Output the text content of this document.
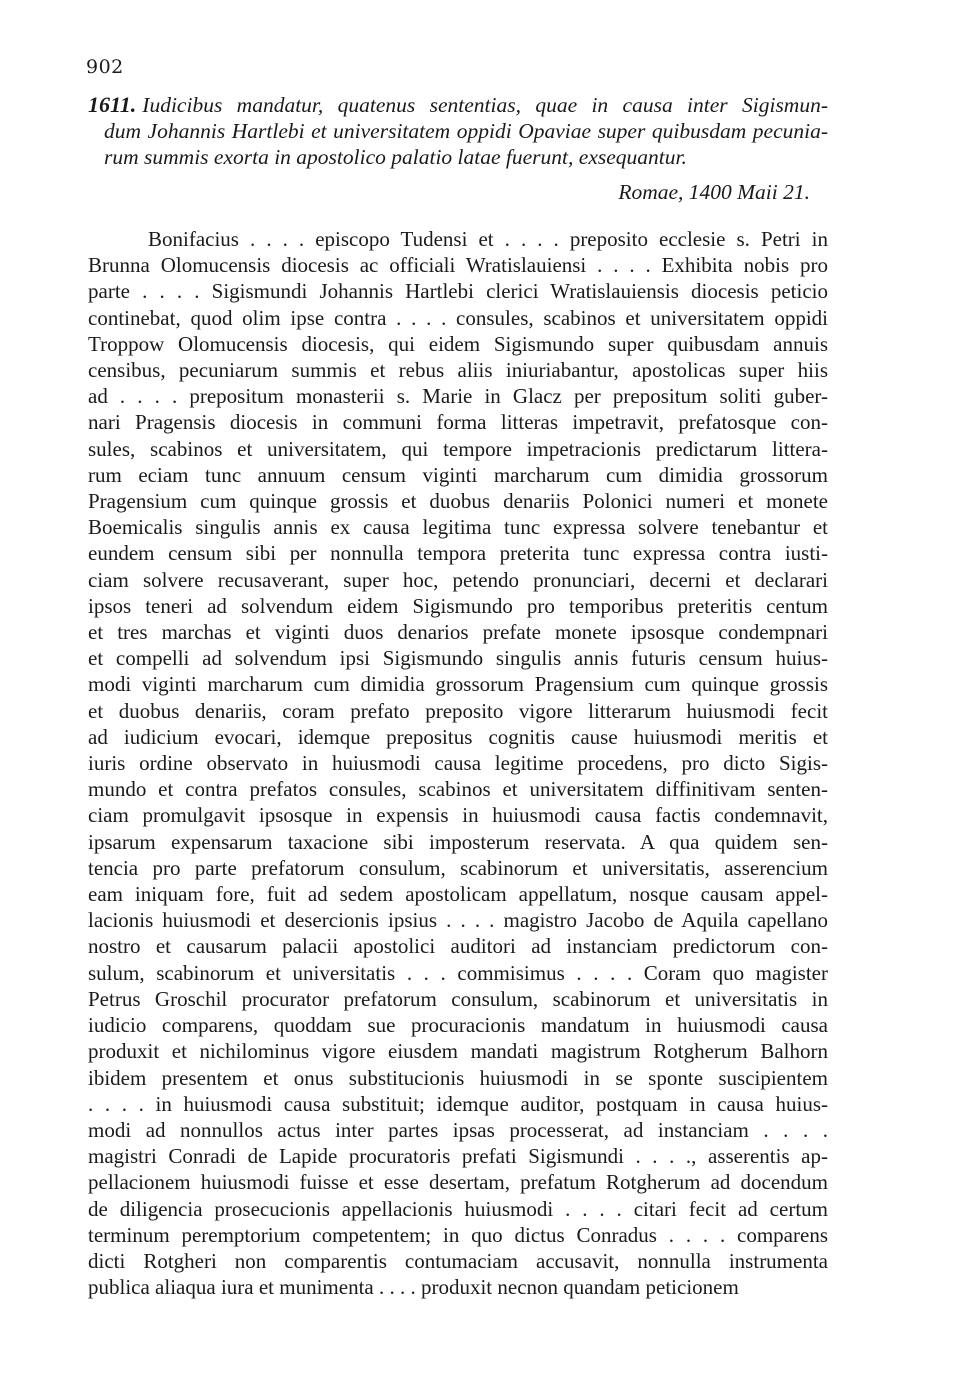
902
1611. Iudicibus mandatur, quatenus sententias, quae in causa inter Sigismun-
dum Johannis Hartlebi et universitatem oppidi Opaviae super quibusdam pecunia-
rum summis exorta in apostolico palatio latae fuerunt, exsequantur.
Romae, 1400 Maii 21.
Bonifacius . . . . episcopo Tudensi et . . . . preposito ecclesie s. Petri in
Brunna Olomucensis diocesis ac officiali Wratislauiensi . . . . Exhibita nobis pro
parte . . . . Sigismundi Johannis Hartlebi clerici Wratislauiensis diocesis peticio
continebat, quod olim ipse contra . . . . consules, scabinos et universitatem oppidi
Troppow Olomucensis diocesis, qui eidem Sigismundo super quibusdam annuis
censibus, pecuniarum summis et rebus aliis iniuriabantur, apostolicas super hiis
ad . . . . prepositum monasterii s. Marie in Glacz per prepositum soliti guber-
nari Pragensis diocesis in communi forma litteras impetravit, prefatosque con-
sules, scabinos et universitatem, qui tempore impetracionis predictarum littera-
rum eciam tunc annuum censum viginti marcharum cum dimidia grossorum
Pragensium cum quinque grossis et duobus denariis Polonici numeri et monete
Boemicalis singulis annis ex causa legitima tunc expressa solvere tenebantur et
eundem censum sibi per nonnulla tempora preterita tunc expressa contra iusti-
ciam solvere recusaverant, super hoc, petendo pronunciari, decerni et declarari
ipsos teneri ad solvendum eidem Sigismundo pro temporibus preteritis centum
et tres marchas et viginti duos denarios prefate monete ipsosque condempnari
et compelli ad solvendum ipsi Sigismundo singulis annis futuris censum huius-
modi viginti marcharum cum dimidia grossorum Pragensium cum quinque grossis
et duobus denariis, coram prefato preposito vigore litterarum huiusmodi fecit
ad iudicium evocari, idemque prepositus cognitis cause huiusmodi meritis et
iuris ordine observato in huiusmodi causa legitime procedens, pro dicto Sigis-
mundo et contra prefatos consules, scabinos et universitatem diffinitivam senten-
ciam promulgavit ipsosque in expensis in huiusmodi causa factis condemnavit,
ipsarum expensarum taxacione sibi imposterum reservata. A qua quidem sen-
tencia pro parte prefatorum consulum, scabinorum et universitatis, asserencium
eam iniquam fore, fuit ad sedem apostolicam appellatum, nosque causam appel-
lacionis huiusmodi et desercionis ipsius . . . . magistro Jacobo de Aquila capellano
nostro et causarum palacii apostolici auditori ad instanciam predictorum con-
sulum, scabinorum et universitatis . . . commisimus . . . . Coram quo magister
Petrus Groschil procurator prefatorum consulum, scabinorum et universitatis in
iudicio comparens, quoddam sue procuracionis mandatum in huiusmodi causa
produxit et nichilominus vigore eiusdem mandati magistrum Rotgherum Balhorn
ibidem presentem et onus substitucionis huiusmodi in se sponte suscipientem
. . . . in huiusmodi causa substituit; idemque auditor, postquam in causa huius-
modi ad nonnullos actus inter partes ipsas processerat, ad instanciam . . . .
magistri Conradi de Lapide procuratoris prefati Sigismundi . . . ., asserentis ap-
pellacionem huiusmodi fuisse et esse desertam, prefatum Rotgherum ad docendum
de diligencia prosecucionis appellacionis huiusmodi . . . . citari fecit ad certum
terminum peremptorium competentem; in quo dictus Conradus . . . . comparens
dicti Rotgheri non comparentis contumaciam accusavit, nonnulla instrumenta
publica aliaqua iura et munimenta . . . . produxit necnon quandam peticionem
